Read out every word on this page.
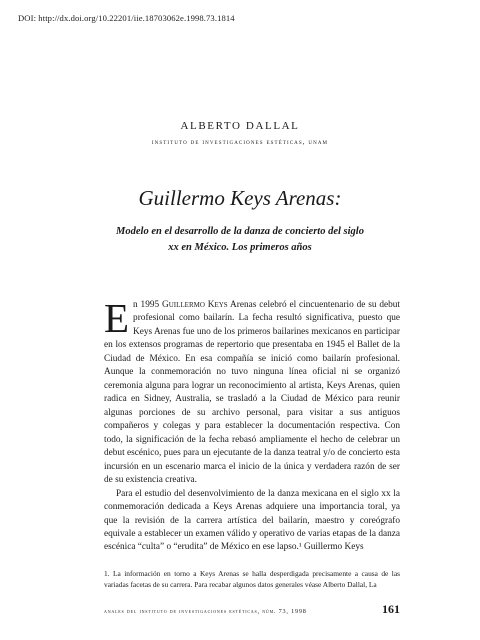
DOI: http://dx.doi.org/10.22201/iie.18703062e.1998.73.1814
ALBERTO DALLAL
instituto de investigaciones estéticas, unam
Guillermo Keys Arenas:
Modelo en el desarrollo de la danza de concierto del siglo xx en México. Los primeros años

En 1995 Guillermo Keys Arenas celebró el cincuentenario de su debut profesional como bailarín. La fecha resultó significativa, puesto que Keys Arenas fue uno de los primeros bailarines mexicanos en participar en los extensos programas de repertorio que presentaba en 1945 el Ballet de la Ciudad de México. En esa compañía se inició como bailarín profesional. Aunque la conmemoración no tuvo ninguna línea oficial ni se organizó ceremonia alguna para lograr un reconocimiento al artista, Keys Arenas, quien radica en Sidney, Australia, se trasladó a la Ciudad de México para reunir algunas porciones de su archivo personal, para visitar a sus antiguos compañeros y colegas y para establecer la documentación respectiva. Con todo, la significación de la fecha rebasó ampliamente el hecho de celebrar un debut escénico, pues para un ejecutante de la danza teatral y/o de concierto esta incursión en un escenario marca el inicio de la única y verdadera razón de ser de su existencia creativa.

Para el estudio del desenvolvimiento de la danza mexicana en el siglo xx la conmemoración dedicada a Keys Arenas adquiere una importancia toral, ya que la revisión de la carrera artística del bailarín, maestro y coreógrafo equivale a establecer un examen válido y operativo de varias etapas de la danza escénica “culta” o “erudita” de México en ese lapso.¹ Guillermo Keys

1. La información en torno a Keys Arenas se halla desperdigada precisamente a causa de las variadas facetas de su carrera. Para recabar algunos datos generales véase Alberto Dallal, La
anales del instituto de investigaciones estéticas, núm. 73, 1998	161
